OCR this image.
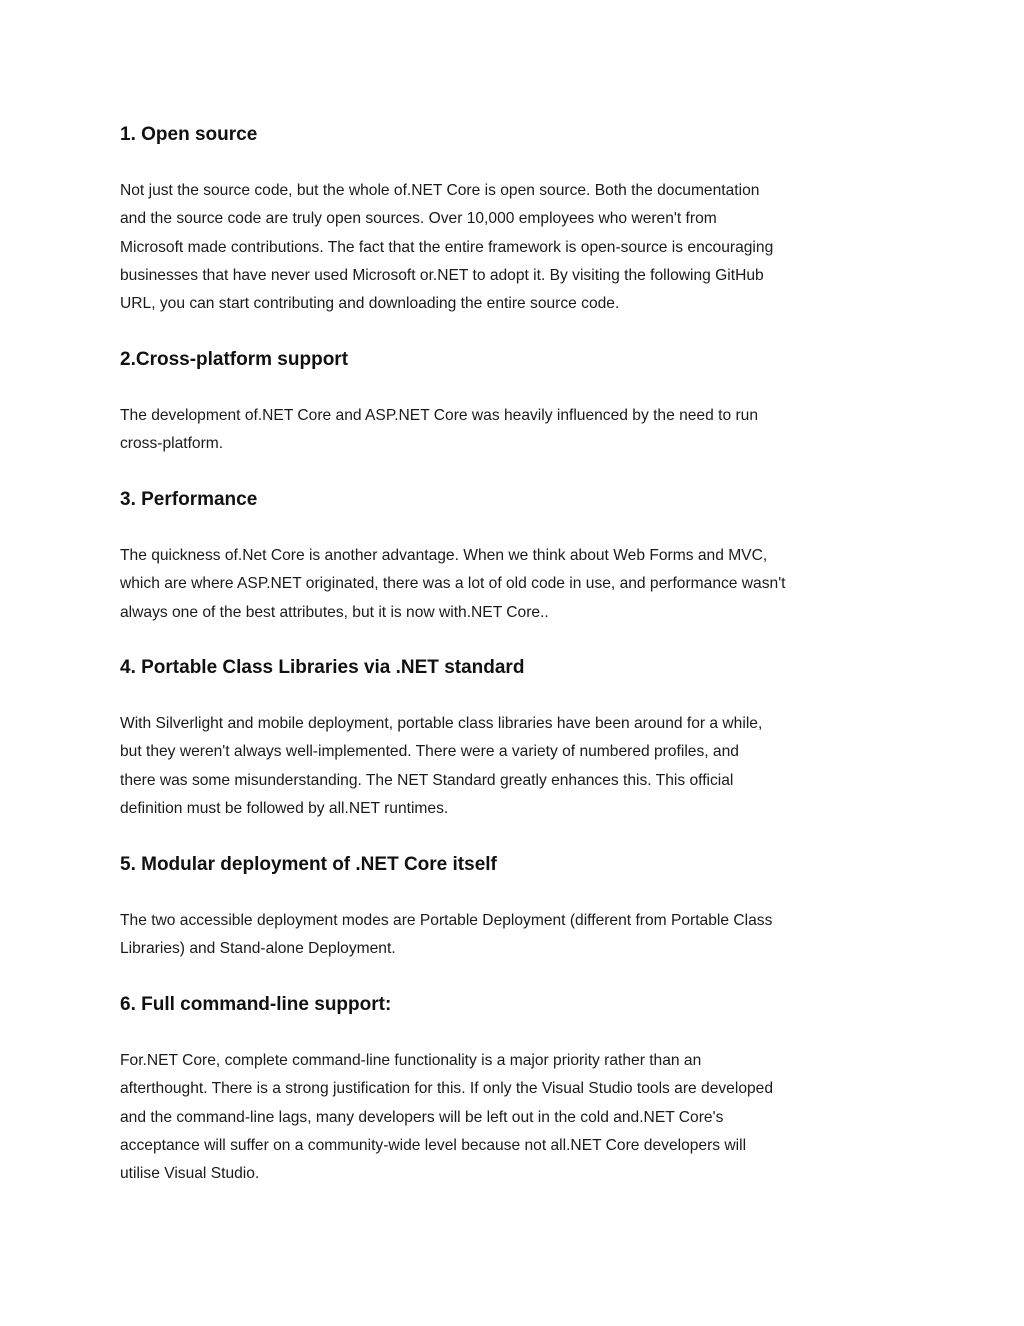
1. Open source

Not just the source code, but the whole of.NET Core is open source. Both the documentation
and the source code are truly open sources. Over 10,000 employees who weren't from
Microsoft made contributions. The fact that the entire framework is open-source is encouraging
businesses that have never used Microsoft or.NET to adopt it. By visiting the following GitHub
URL, you can start contributing and downloading the entire source code.

2.Cross-platform support

The development of.NET Core and ASP.NET Core was heavily influenced by the need to run
cross-platform.

3. Performance

The quickness of.Net Core is another advantage. When we think about Web Forms and MVC,
which are where ASP.NET originated, there was a lot of old code in use, and performance wasn't
always one of the best attributes, but it is now with.NET Core..

4. Portable Class Libraries via .NET standard

With Silverlight and mobile deployment, portable class libraries have been around for a while,
but they weren't always well-implemented. There were a variety of numbered profiles, and
there was some misunderstanding. The NET Standard greatly enhances this. This official
definition must be followed by all.NET runtimes.

5. Modular deployment of .NET Core itself

The two accessible deployment modes are Portable Deployment (different from Portable Class
Libraries) and Stand-alone Deployment.

6. Full command-line support:

For.NET Core, complete command-line functionality is a major priority rather than an
afterthought. There is a strong justification for this. If only the Visual Studio tools are developed
and the command-line lags, many developers will be left out in the cold and.NET Core's
acceptance will suffer on a community-wide level because not all.NET Core developers will
utilise Visual Studio.
